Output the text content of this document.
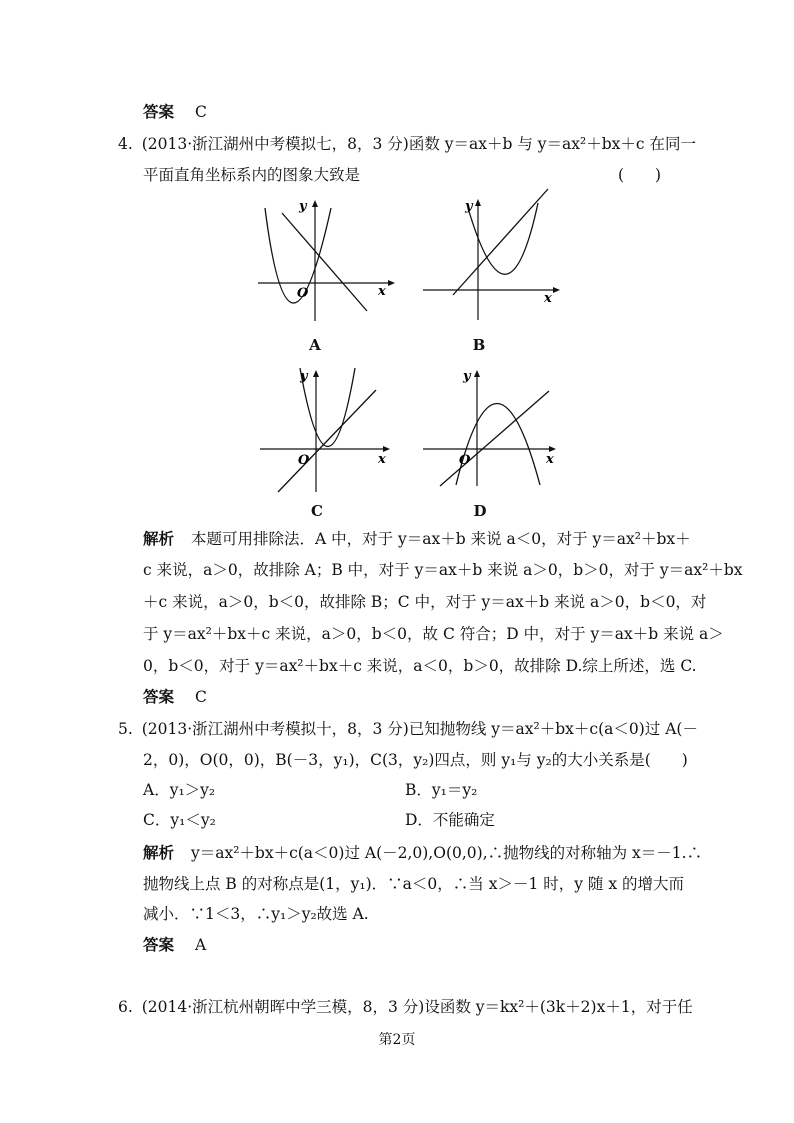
答案 C
4. (2013·浙江湖州中考模拟七，8，3 分)函数 y＝ax＋b 与 y＝ax²＋bx＋c 在同一
平面直角坐标系内的图象大致是	(　　)
x
y
O
A
x
y
B
x
y
O
C
x
y
O
D
解析 本题可用排除法．A 中，对于 y＝ax＋b 来说 a＜0，对于 y＝ax²＋bx＋
c 来说，a＞0，故排除 A；B 中，对于 y＝ax＋b 来说 a＞0，b＞0，对于 y＝ax²＋bx
＋c 来说，a＞0，b＜0，故排除 B；C 中，对于 y＝ax＋b 来说 a＞0，b＜0，对
于 y＝ax²＋bx＋c 来说，a＞0，b＜0，故 C 符合；D 中，对于 y＝ax＋b 来说 a＞
0，b＜0，对于 y＝ax²＋bx＋c 来说，a＜0，b＞0，故排除 D.综上所述，选 C.
答案 C
5. (2013·浙江湖州中考模拟十，8，3 分)已知抛物线 y＝ax²＋bx＋c(a＜0)过 A(－
2，0)，O(0，0)，B(－3，y₁)，C(3，y₂)四点，则 y₁与 y₂的大小关系是(　　)
A．y₁＞y₂	B．y₁＝y₂
C．y₁＜y₂	D．不能确定
解析 y＝ax²＋bx＋c(a＜0)过 A(－2,0),O(0,0),∴抛物线的对称轴为 x＝－1.∴
抛物线上点 B 的对称点是(1，y₁)．∵a＜0，∴当 x＞－1 时，y 随 x 的增大而
减小．∵1＜3，∴y₁＞y₂故选 A.
答案 A
6. (2014·浙江杭州朝晖中学三模，8，3 分)设函数 y＝kx²＋(3k＋2)x＋1，对于任
第2页
